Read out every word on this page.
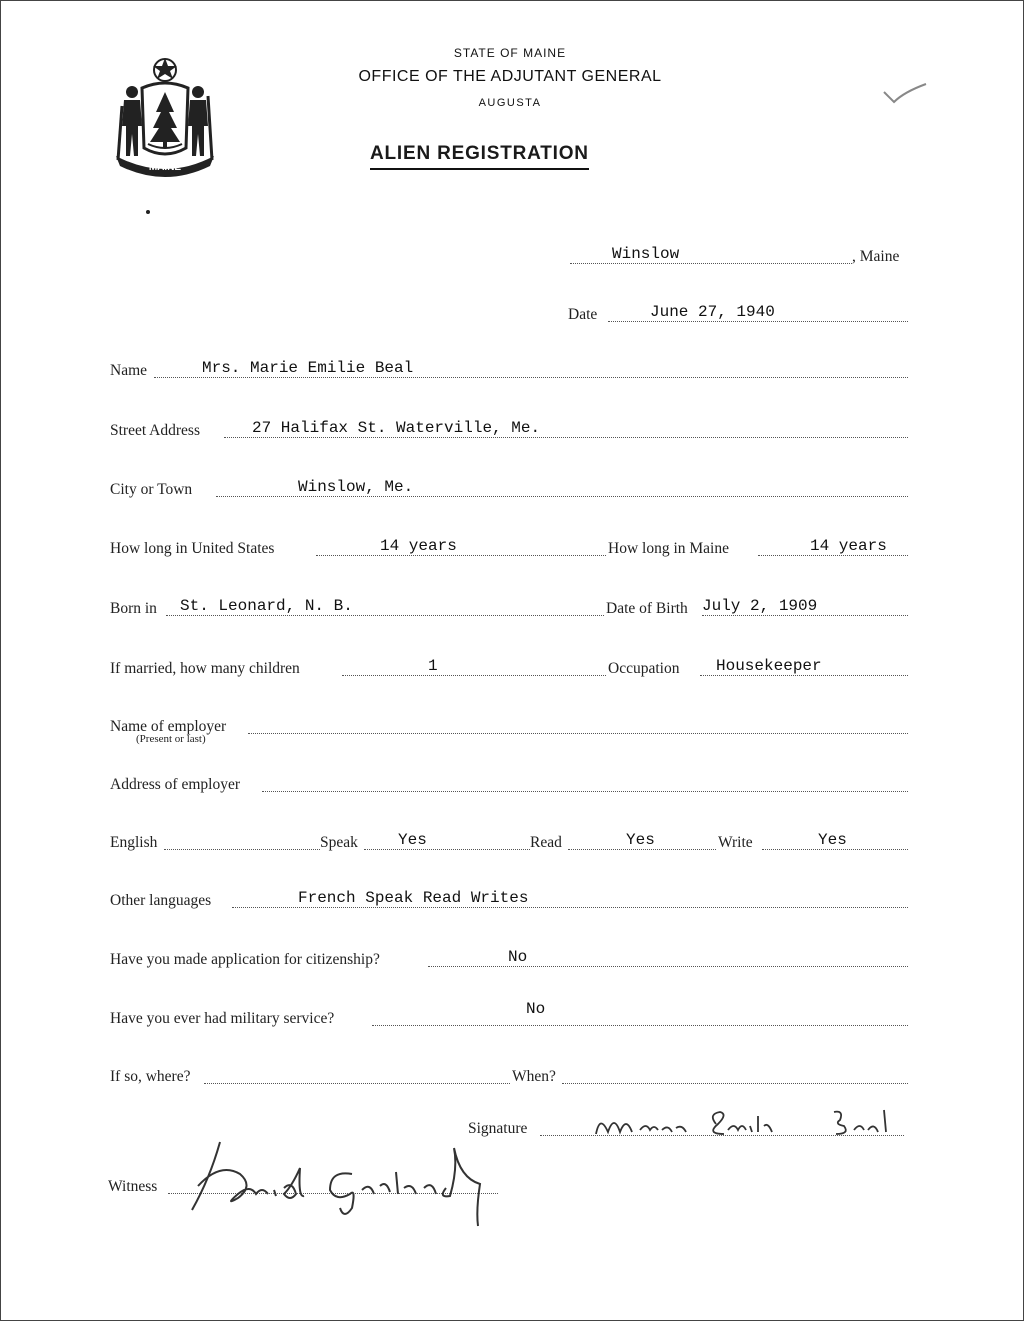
MAINE
STATE OF MAINE
OFFICE OF THE ADJUTANT GENERAL
AUGUSTA
ALIEN REGISTRATION
Winslow	, Maine
Date	June 27, 1940
Name	Mrs. Marie Emilie Beal
Street Address	27 Halifax St. Waterville, Me.
City or Town	Winslow, Me.
How long in United States	14 years	How long in Maine	14 years
Born in St. Leonard, N. B.	Date of Birth July 2, 1909
If married, how many children	1	Occupation Housekeeper
Name of employer
(Present or last)
Address of employer
English	Speak	Yes	Read	Yes	Write	Yes
Other languages	French Speak Read Writes
Have you made application for citizenship?	No
Have you ever had military service?
No
If so, where?	When?
Signature
Witness
